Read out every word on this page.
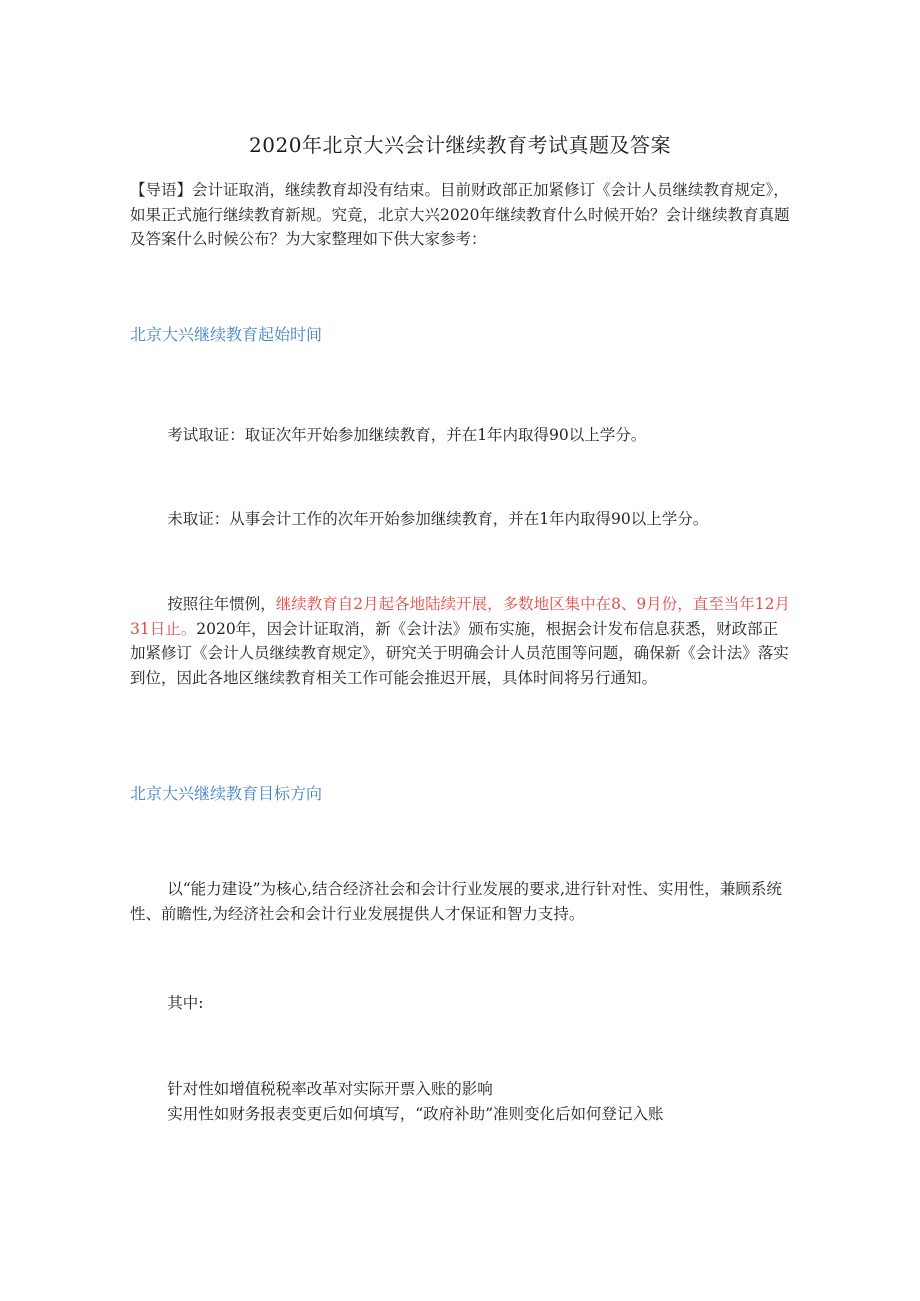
2020年北京大兴会计继续教育考试真题及答案
【导语】会计证取消，继续教育却没有结束。目前财政部正加紧修订《会计人员继续教育规定》，如果正式施行继续教育新规。究竟，北京大兴2020年继续教育什么时候开始？会计继续教育真题及答案什么时候公布？为大家整理如下供大家参考：
北京大兴继续教育起始时间
考试取证：取证次年开始参加继续教育，并在1年内取得90以上学分。
未取证：从事会计工作的次年开始参加继续教育，并在1年内取得90以上学分。
按照往年惯例，继续教育自2月起各地陆续开展，多数地区集中在8、9月份，直至当年12月31日止。2020年，因会计证取消，新《会计法》颁布实施，根据会计发布信息获悉，财政部正加紧修订《会计人员继续教育规定》，研究关于明确会计人员范围等问题，确保新《会计法》落实到位，因此各地区继续教育相关工作可能会推迟开展，具体时间将另行通知。
北京大兴继续教育目标方向
以“能力建设”为核心,结合经济社会和会计行业发展的要求,进行针对性、实用性，兼顾系统性、前瞻性,为经济社会和会计行业发展提供人才保证和智力支持。
其中:
针对性如增值税税率改革对实际开票入账的影响
实用性如财务报表变更后如何填写，“政府补助”准则变化后如何登记入账
